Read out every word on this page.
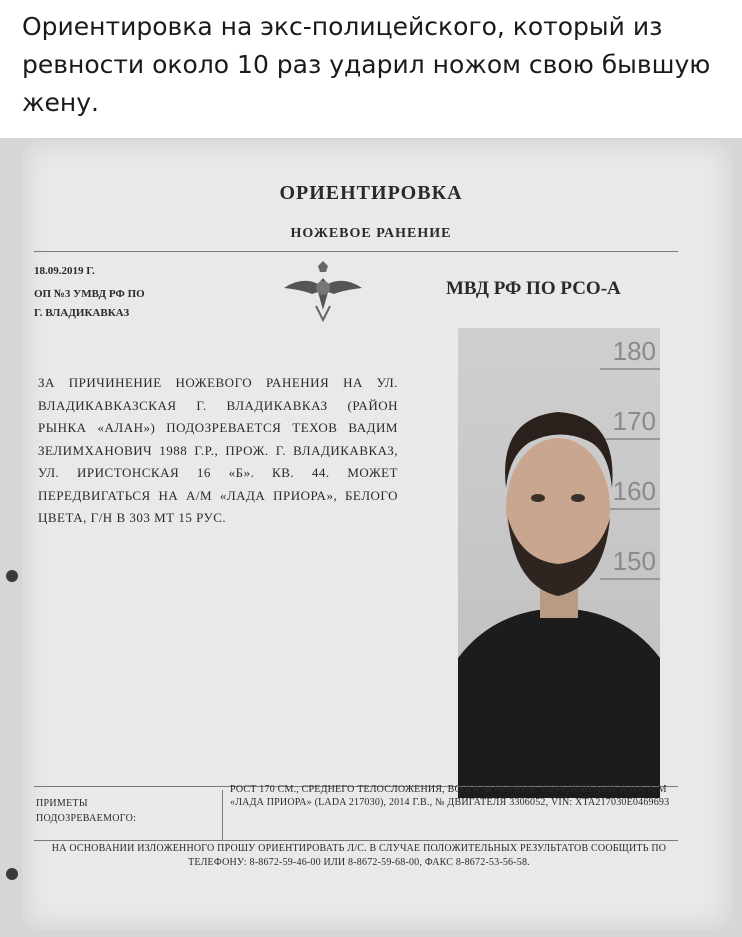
Ориентировка на экс-полицейского, который из ревности около 10 раз ударил ножом свою бывшую жену.
ОРИЕНТИРОВКА
НОЖЕВОЕ РАНЕНИЕ
18.09.2019 Г.
ОП №3 УМВД РФ ПО
Г. ВЛАДИКАВКАЗ
МВД РФ ПО РСО-А
ЗА ПРИЧИНЕНИЕ НОЖЕВОГО РАНЕНИЯ НА УЛ. ВЛАДИКАВКАЗСКАЯ Г. ВЛАДИКАВКАЗ (РАЙОН РЫНКА «АЛАН») ПОДОЗРЕВАЕТСЯ ТЕХОВ ВАДИМ ЗЕЛИМХАНОВИЧ 1988 Г.Р., ПРОЖ. Г. ВЛАДИКАВКАЗ, УЛ. ИРИСТОНСКАЯ 16 «Б». КВ. 44. МОЖЕТ ПЕРЕДВИГАТЬСЯ НА А/М «ЛАДА ПРИОРА», БЕЛОГО ЦВЕТА, Г/Н В 303 МТ 15 РУС.
180
170
160
150
ПРИМЕТЫ
ПОДОЗРЕВАЕМОГО:
РОСТ 170 СМ., СРЕДНЕГО ТЕЛОСЛОЖЕНИЯ, ВОЛОСЫ ЧЕРНЫЕ. ПЕРЕДВИГАЕТСЯ НА А/М «ЛАДА ПРИОРА» (LADA 217030), 2014 Г.В., № ДВИГАТЕЛЯ 3306052, VIN: XTA217030E0469693
НА ОСНОВАНИИ ИЗЛОЖЕННОГО ПРОШУ ОРИЕНТИРОВАТЬ Л/С. В СЛУЧАЕ ПОЛОЖИТЕЛЬНЫХ РЕЗУЛЬТАТОВ СООБЩИТЬ ПО ТЕЛЕФОНУ: 8-8672-59-46-00 ИЛИ 8-8672-59-68-00, ФАКС 8-8672-53-56-58.
